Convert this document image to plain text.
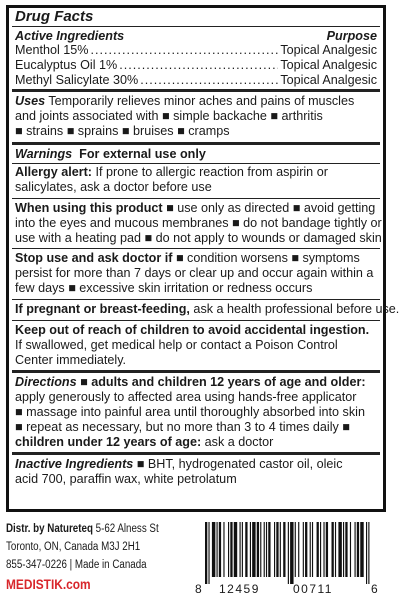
Drug Facts
Active Ingredients	Purpose
Menthol 15% .....	Topical Analgesic
Eucalyptus Oil 1% .....	Topical Analgesic
Methyl Salicylate 30% .....	Topical Analgesic
Uses Temporarily relieves minor aches and pains of muscles
and joints associated with ■ simple backache ■ arthritis
■ strains ■ sprains ■ bruises ■ cramps
Warnings For external use only
Allergy alert: If prone to allergic reaction from aspirin or
salicylates, ask a doctor before use
When using this product ■ use only as directed ■ avoid getting
into the eyes and mucous membranes ■ do not bandage tightly or
use with a heating pad ■ do not apply to wounds or damaged skin
Stop use and ask doctor if ■ condition worsens ■ symptoms
persist for more than 7 days or clear up and occur again within a
few days ■ excessive skin irritation or redness occurs
If pregnant or breast-feeding, ask a health professional before use.
Keep out of reach of children to avoid accidental ingestion.
If swallowed, get medical help or contact a Poison Control
Center immediately.
Directions ■ adults and children 12 years of age and older:
apply generously to affected area using hands-free applicator
■ massage into painful area until thoroughly absorbed into skin
■ repeat as necessary, but no more than 3 to 4 times daily ■
children under 12 years of age: ask a doctor
Inactive Ingredients ■ BHT, hydrogenated castor oil, oleic
acid 700, paraffin wax, white petrolatum
Distr. by Natureteq 5-62 Alness St
Toronto, ON, Canada M3J 2H1
855-347-0226 | Made in Canada
MEDISTIK.com	8 12459	00711	6
